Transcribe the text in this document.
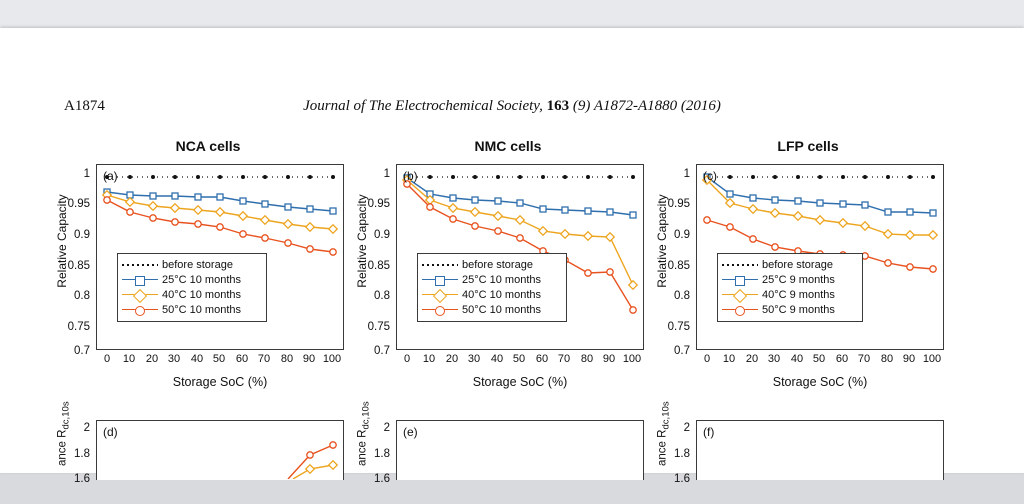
A1874	Journal of The Electrochemical Society, 163 (9) A1872-A1880 (2016)
NCA cells
Relative Capacity
(a)
before storage
25°C 10 months
40°C 10 months
50°C 10 months
1
0.95
0.9
0.85
0.8
0.75
0.7
0	10 20 30 40 50 60 70 80 90 100
Storage SoC (%)
(d)
ance $R_{dc,10s}$	2
1.8
1.6
NMC cells
Relative Capacity
(b)
before storage
25°C 10 months
40°C 10 months
50°C 10 months
1
0.95
0.9
0.85
0.8
0.75
0.7
0	10 20 30 40 50 60 70 80 90 100
Storage SoC (%)
(e)
ance $R_{dc,10s}$	2
1.8
1.6
LFP cells
Relative Capacity
(c)
before storage
25°C 9 months
40°C 9 months
50°C 9 months
1
0.95
0.9
0.85
0.8
0.75
0.7
0	10 20 30 40 50 60 70 80 90 100
Storage SoC (%)
(f)
ance $R_{dc,10s}$	2
1.8
1.6
